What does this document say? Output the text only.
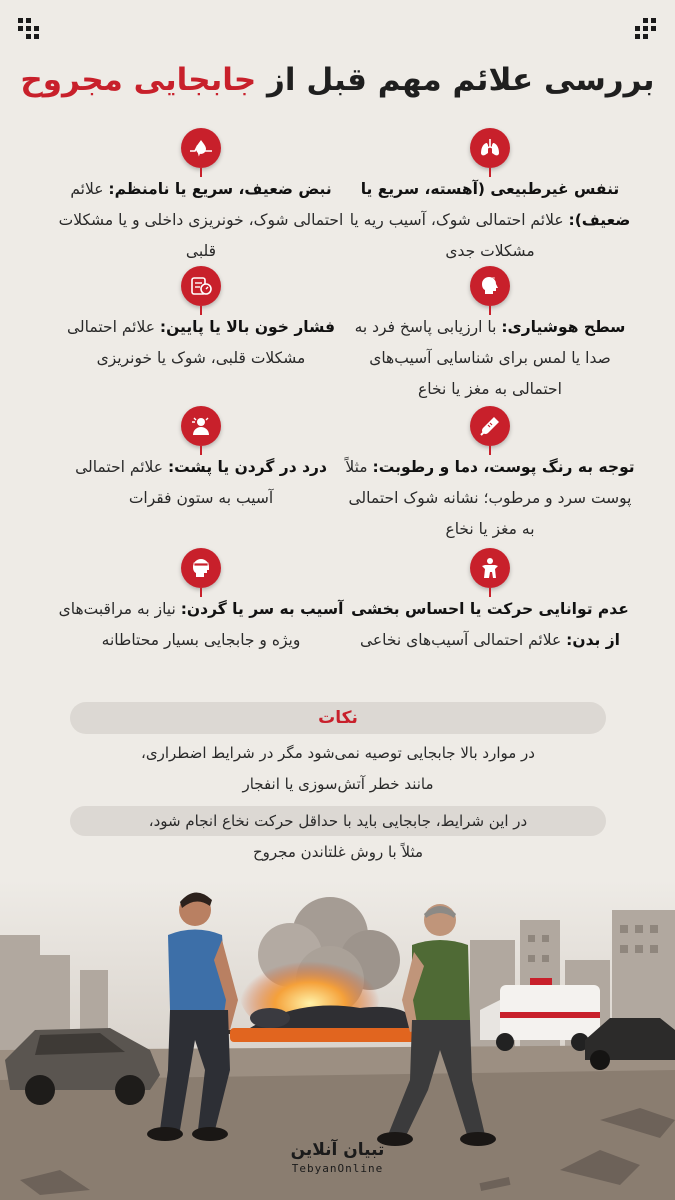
بررسی علائم مهم قبل از جابجایی مجروح
تنفس غیرطبیعی (آهسته، سریع یا ضعیف): علائم احتمالی شوک، آسیب ریه یا مشکلات جدی
نبض ضعیف، سریع یا نامنظم: علائم احتمالی شوک، خونریزی داخلی و یا مشکلات قلبی
z
سطح هوشیاری: با ارزیابی پاسخ فرد به صدا یا لمس برای شناسایی آسیب‌های احتمالی به مغز یا نخاع
فشار خون بالا یا پایین: علائم احتمالی مشکلات قلبی، شوک یا خونریزی
توجه به رنگ پوست، دما و رطوبت: مثلاً پوست سرد و مرطوب؛ نشانه شوک احتمالی به مغز یا نخاع
درد در گردن یا پشت: علائم احتمالی آسیب به ستون فقرات
عدم توانایی حرکت یا احساس بخشی از بدن: علائم احتمالی آسیب‌های نخاعی
آسیب به سر یا گردن: نیاز به مراقبت‌های ویژه و جابجایی بسیار محتاطانه
نکات
در موارد بالا جابجایی توصیه نمی‌شود مگر در شرایط اضطراری،
مانند خطر آتش‌سوزی یا انفجار
در این شرایط، جابجایی باید با حداقل حرکت نخاع انجام شود،
مثلاً با روش غلتاندن مجروح
تبیان آنلاین
TebyanOnline
